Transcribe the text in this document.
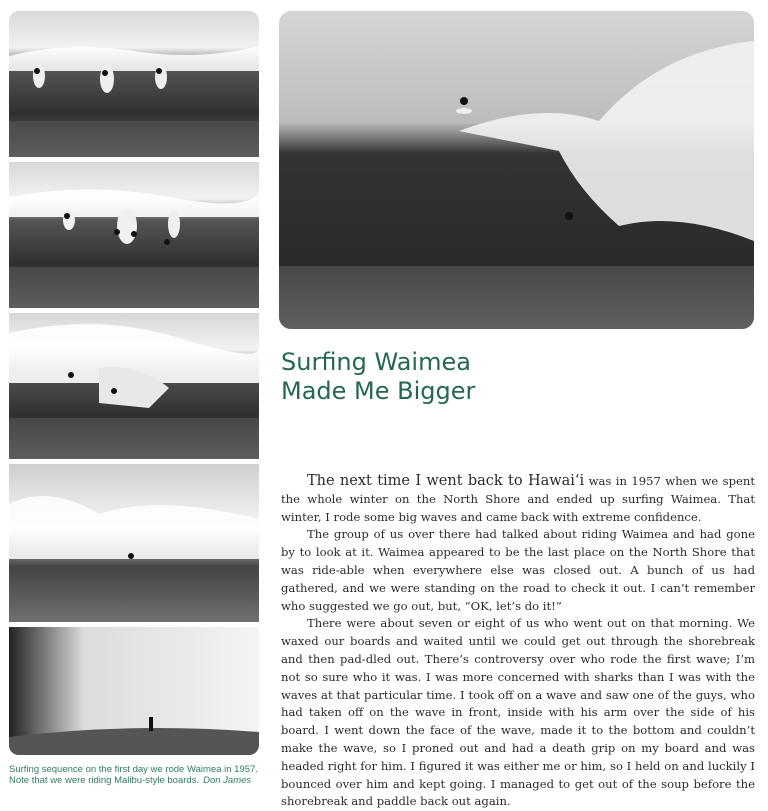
Surfing sequence on the first day we rode Waimea in 1957. Note that we were riding Malibu-style boards. Don James
Surfing Waimea
Made Me Bigger

The next time I went back to Hawai‘i was in 1957 when we spent the whole winter on the North Shore and ended up surfing Waimea. That winter, I rode some big waves and came back with extreme confidence.

The group of us over there had talked about riding Waimea and had gone by to look at it. Waimea appeared to be the last place on the North Shore that was ride-able when everywhere else was closed out. A bunch of us had gathered, and we were standing on the road to check it out. I can’t remember who suggested we go out, but, “OK, let’s do it!”

There were about seven or eight of us who went out on that morning. We waxed our boards and waited until we could get out through the shorebreak and then pad-dled out. There’s controversy over who rode the first wave; I’m not so sure who it was. I was more concerned with sharks than I was with the waves at that particular time. I took off on a wave and saw one of the guys, who had taken off on the wave in front, inside with his arm over the side of his board. I went down the face of the wave, made it to the bottom and couldn’t make the wave, so I proned out and had a death grip on my board and was headed right for him. I figured it was either me or him, so I held on and luckily I bounced over him and kept going. I managed to get out of the soup before the shorebreak and paddle back out again.
